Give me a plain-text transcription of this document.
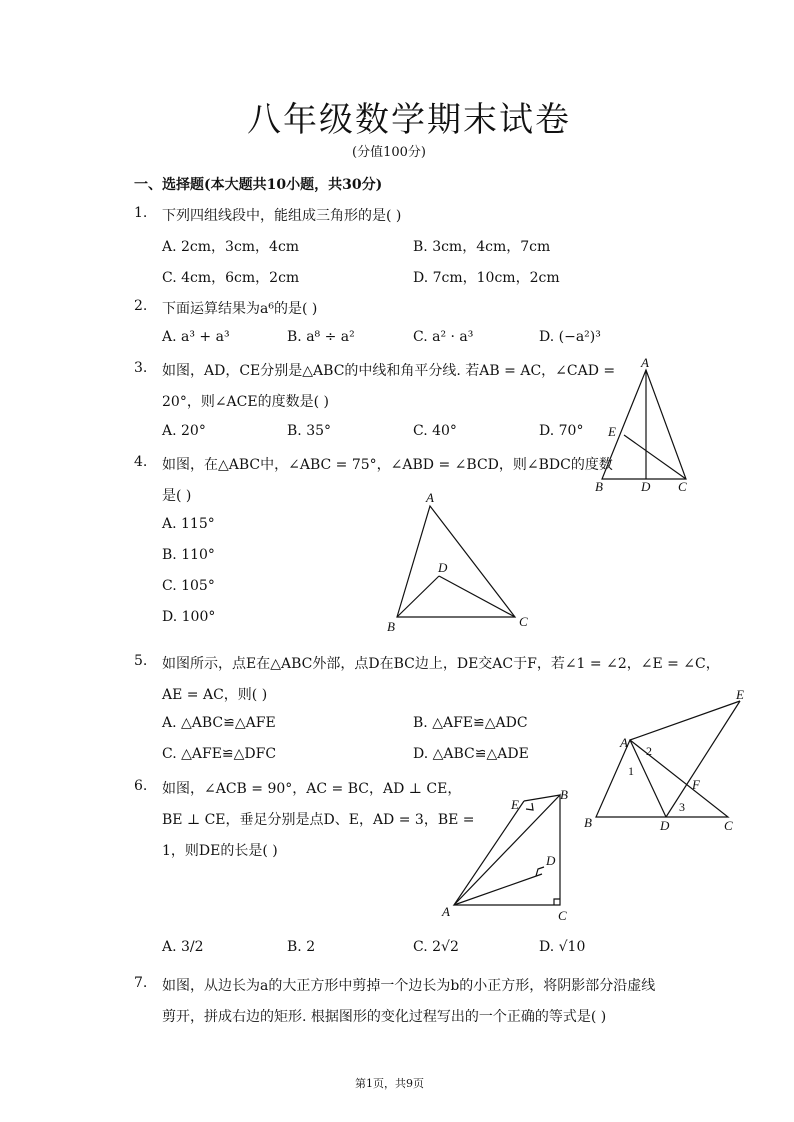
八年级数学期末试卷
(分值100分)
一、选择题(本大题共10小题，共30分)
1. 下列四组线段中，能组成三角形的是( )
A. 2cm，3cm，4cm	B. 3cm，4cm，7cm
C. 4cm，6cm，2cm	D. 7cm，10cm，2cm
2. 下面运算结果为a⁶的是( )
A. a³ + a³	B. a⁸ ÷ a²	C. a² · a³	D. (−a²)³
3. 如图，AD，CE分别是△ABC的中线和角平分线. 若AB = AC，∠CAD =
20°，则∠ACE的度数是( )
A. 20°	B. 35°	C. 40°	D. 70°
A
E
B	D C
4. 如图，在△ABC中，∠ABC = 75°，∠ABD = ∠BCD，则∠BDC的度数
是( )
A. 115°
B. 110°
C. 105°
D. 100°
A
D
B	C
5. 如图所示，点E在△ABC外部，点D在BC边上，DE交AC于F，若∠1 = ∠2，∠E = ∠C，
AE = AC，则( )
A. △ABC≌△AFE	B. △AFE≌△ADC
C. △AFE≌△DFC	D. △ABC≌△ADE
E
A
2
1
F
3
B	D	C
6. 如图，∠ACB = 90°，AC = BC，AD ⊥ CE，
BE ⊥ CE，垂足分别是点D、E，AD = 3，BE =
1，则DE的长是( )
A. 3/2	B. 2	C. 2√2	D. √10
E
B
D
A	C
7. 如图，从边长为a的大正方形中剪掉一个边长为b的小正方形，将阴影部分沿虚线
剪开，拼成右边的矩形. 根据图形的变化过程写出的一个正确的等式是( )
第1页，共9页
